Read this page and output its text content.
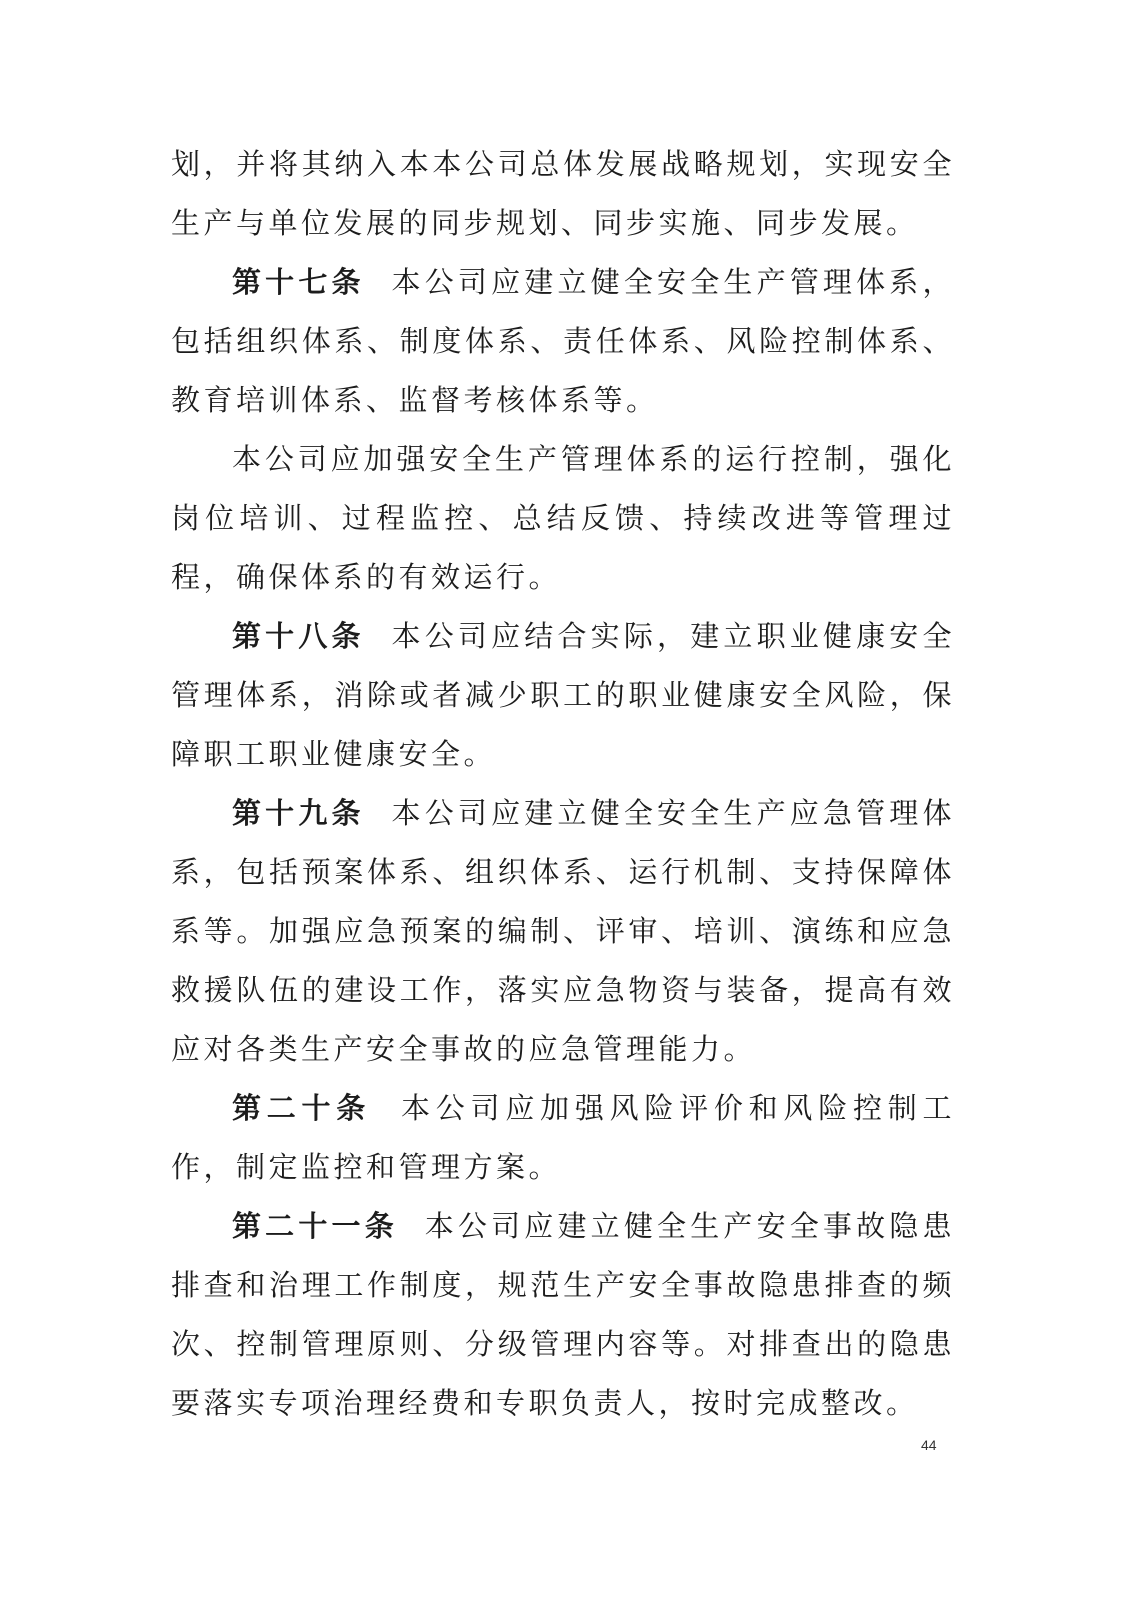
划，并将其纳入本本公司总体发展战略规划，实现安全生产与单位发展的同步规划、同步实施、同步发展。

第十七条 本公司应建立健全安全生产管理体系，包括组织体系、制度体系、责任体系、风险控制体系、教育培训体系、监督考核体系等。

本公司应加强安全生产管理体系的运行控制，强化岗位培训、过程监控、总结反馈、持续改进等管理过程，确保体系的有效运行。

第十八条 本公司应结合实际，建立职业健康安全管理体系，消除或者减少职工的职业健康安全风险，保障职工职业健康安全。

第十九条 本公司应建立健全安全生产应急管理体系，包括预案体系、组织体系、运行机制、支持保障体系等。加强应急预案的编制、评审、培训、演练和应急救援队伍的建设工作，落实应急物资与装备，提高有效应对各类生产安全事故的应急管理能力。

第二十条 本公司应加强风险评价和风险控制工作，制定监控和管理方案。

第二十一条 本公司应建立健全生产安全事故隐患排查和治理工作制度，规范生产安全事故隐患排查的频次、控制管理原则、分级管理内容等。对排查出的隐患要落实专项治理经费和专职负责人，按时完成整改。

44
